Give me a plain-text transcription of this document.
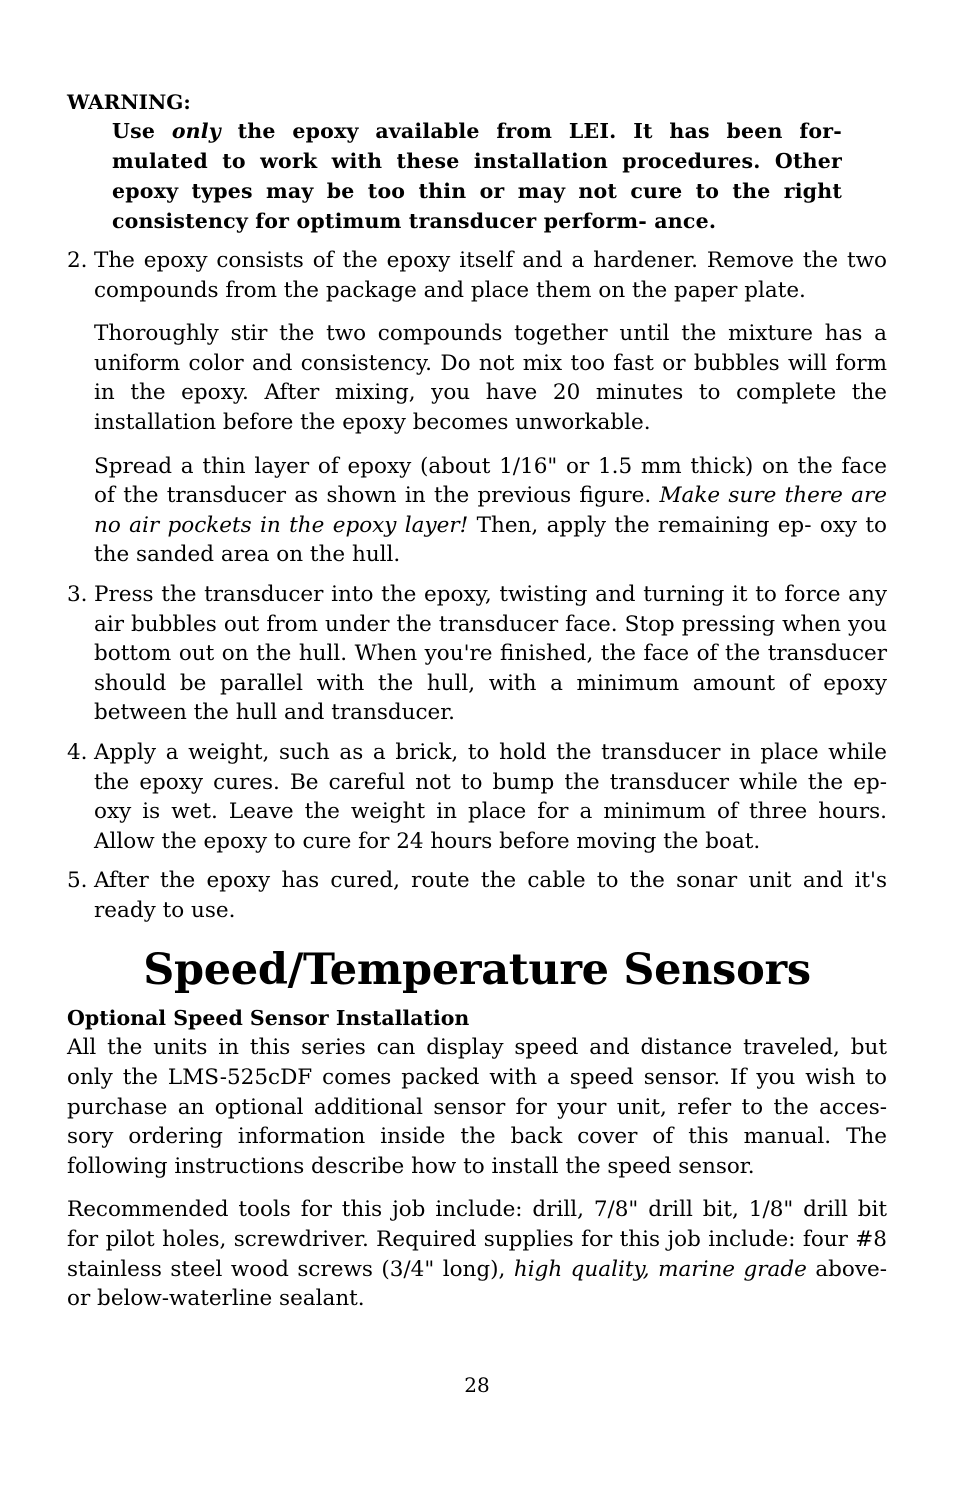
WARNING:

Use only the epoxy available from LEI. It has been for- mulated to work with these installation procedures. Other epoxy types may be too thin or may not cure to the right consistency for optimum transducer perform- ance.

2. The epoxy consists of the epoxy itself and a hardener. Remove the two compounds from the package and place them on the paper plate.

Thoroughly stir the two compounds together until the mixture has a uniform color and consistency. Do not mix too fast or bubbles will form in the epoxy. After mixing, you have 20 minutes to complete the installation before the epoxy becomes unworkable.

Spread a thin layer of epoxy (about 1/16" or 1.5 mm thick) on the face of the transducer as shown in the previous figure. Make sure there are no air pockets in the epoxy layer! Then, apply the remaining ep- oxy to the sanded area on the hull.

3. Press the transducer into the epoxy, twisting and turning it to force any air bubbles out from under the transducer face. Stop pressing when you bottom out on the hull. When you're finished, the face of the transducer should be parallel with the hull, with a minimum amount of epoxy between the hull and transducer.

4. Apply a weight, such as a brick, to hold the transducer in place while the epoxy cures. Be careful not to bump the transducer while the ep- oxy is wet. Leave the weight in place for a minimum of three hours. Allow the epoxy to cure for 24 hours before moving the boat.

5. After the epoxy has cured, route the cable to the sonar unit and it's ready to use.

Speed/Temperature Sensors
Optional Speed Sensor Installation

All the units in this series can display speed and distance traveled, but only the LMS-525cDF comes packed with a speed sensor. If you wish to purchase an optional additional sensor for your unit, refer to the acces- sory ordering information inside the back cover of this manual. The following instructions describe how to install the speed sensor.

Recommended tools for this job include: drill, 7/8" drill bit, 1/8" drill bit for pilot holes, screwdriver. Required supplies for this job include: four #8 stainless steel wood screws (3/4" long), high quality, marine grade above- or below-waterline sealant.

28
